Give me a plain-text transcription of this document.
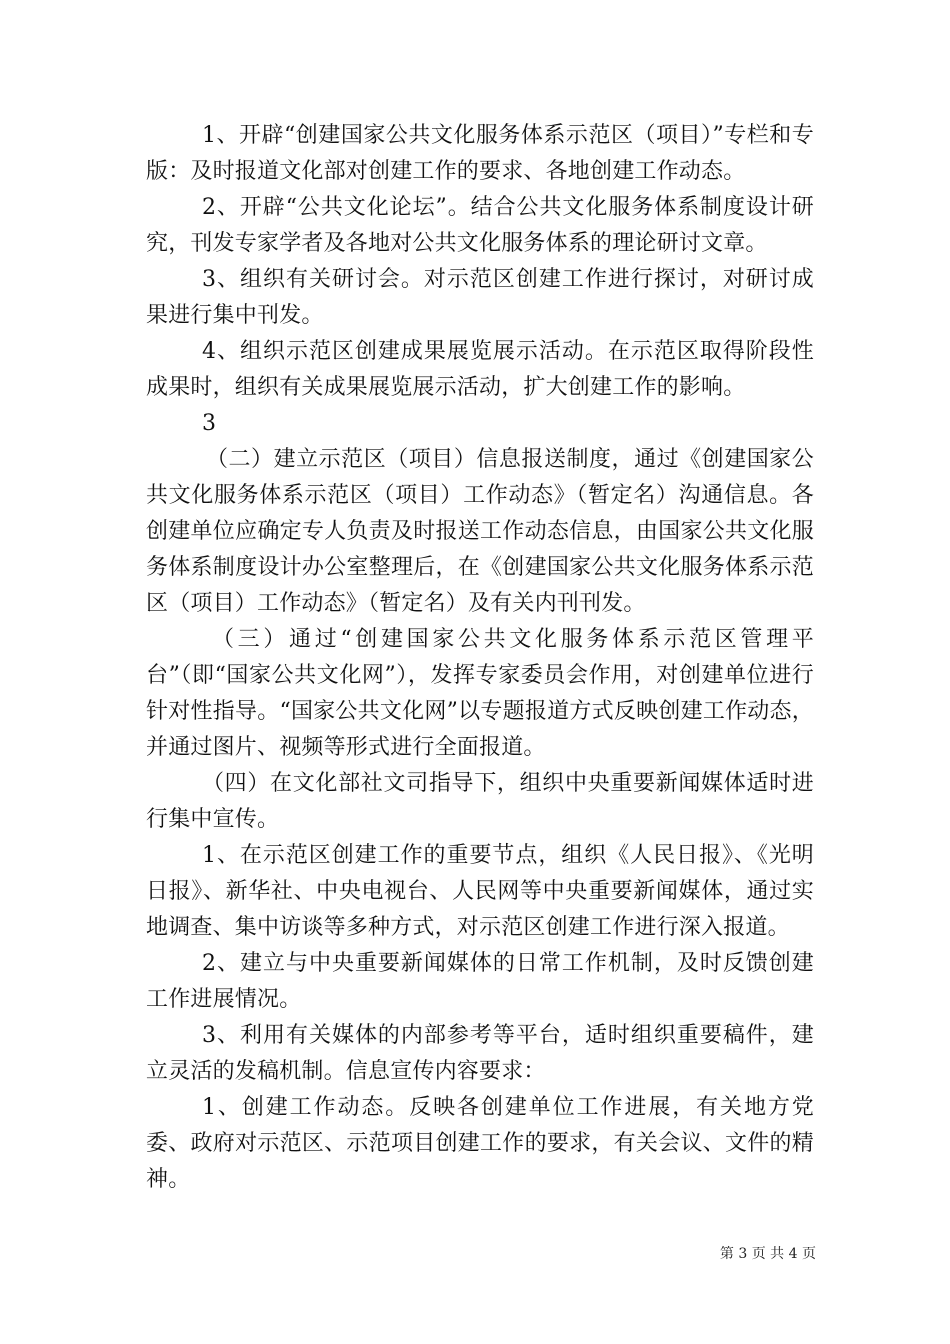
1、开辟“创建国家公共文化服务体系示范区（项目）”专栏和专版：及时报道文化部对创建工作的要求、各地创建工作动态。

2、开辟“公共文化论坛”。结合公共文化服务体系制度设计研究，刊发专家学者及各地对公共文化服务体系的理论研讨文章。

3、组织有关研讨会。对示范区创建工作进行探讨，对研讨成果进行集中刊发。

4、组织示范区创建成果展览展示活动。在示范区取得阶段性成果时，组织有关成果展览展示活动，扩大创建工作的影响。

3

（二）建立示范区（项目）信息报送制度，通过《创建国家公共文化服务体系示范区（项目）工作动态》（暂定名）沟通信息。各创建单位应确定专人负责及时报送工作动态信息，由国家公共文化服务体系制度设计办公室整理后，在《创建国家公共文化服务体系示范区（项目）工作动态》（暂定名）及有关内刊刊发。

（三）通过“创建国家公共文化服务体系示范区管理平台”（即“国家公共文化网”），发挥专家委员会作用，对创建单位进行针对性指导。“国家公共文化网”以专题报道方式反映创建工作动态，并通过图片、视频等形式进行全面报道。

（四）在文化部社文司指导下，组织中央重要新闻媒体适时进行集中宣传。

1、在示范区创建工作的重要节点，组织《人民日报》、《光明日报》、新华社、中央电视台、人民网等中央重要新闻媒体，通过实地调查、集中访谈等多种方式，对示范区创建工作进行深入报道。

2、建立与中央重要新闻媒体的日常工作机制，及时反馈创建工作进展情况。

3、利用有关媒体的内部参考等平台，适时组织重要稿件，建立灵活的发稿机制。信息宣传内容要求：

1、创建工作动态。反映各创建单位工作进展，有关地方党委、政府对示范区、示范项目创建工作的要求，有关会议、文件的精神。

第 3 页 共 4 页
